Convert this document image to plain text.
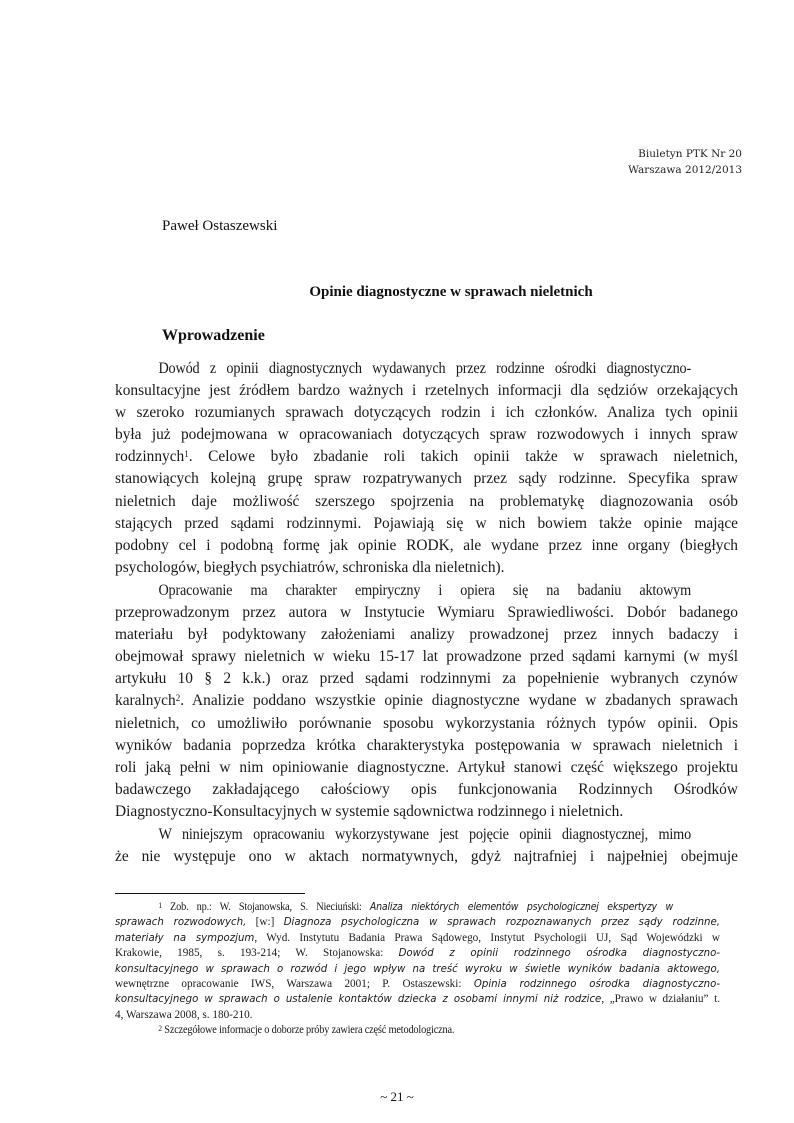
Biuletyn PTK Nr 20
Warszawa 2012/2013
Paweł Ostaszewski
Opinie diagnostyczne w sprawach nieletnich
Wprowadzenie

Dowód z opinii diagnostycznych wydawanych przez rodzinne ośrodki diagnostyczno-
konsultacyjne jest źródłem bardzo ważnych i rzetelnych informacji dla sędziów orzekających
w szeroko rozumianych sprawach dotyczących rodzin i ich członków. Analiza tych opinii
była już podejmowana w opracowaniach dotyczących spraw rozwodowych i innych spraw
rodzinnych$^1$. Celowe było zbadanie roli takich opinii także w sprawach nieletnich,
stanowiących kolejną grupę spraw rozpatrywanych przez sądy rodzinne. Specyfika spraw
nieletnich daje możliwość szerszego spojrzenia na problematykę diagnozowania osób
stających przed sądami rodzinnymi. Pojawiają się w nich bowiem także opinie mające
podobny cel i podobną formę jak opinie RODK, ale wydane przez inne organy (biegłych
psychologów, biegłych psychiatrów, schroniska dla nieletnich).

Opracowanie ma charakter empiryczny i opiera się na badaniu aktowym
przeprowadzonym przez autora w Instytucie Wymiaru Sprawiedliwości. Dobór badanego
materiału był podyktowany założeniami analizy prowadzonej przez innych badaczy i
obejmował sprawy nieletnich w wieku 15-17 lat prowadzone przed sądami karnymi (w myśl
artykułu 10 § 2 k.k.) oraz przed sądami rodzinnymi za popełnienie wybranych czynów
karalnych$^2$. Analizie poddano wszystkie opinie diagnostyczne wydane w zbadanych sprawach
nieletnich, co umożliwiło porównanie sposobu wykorzystania różnych typów opinii. Opis
wyników badania poprzedza krótka charakterystyka postępowania w sprawach nieletnich i
roli jaką pełni w nim opiniowanie diagnostyczne. Artykuł stanowi część większego projektu
badawczego zakładającego całościowy opis funkcjonowania Rodzinnych Ośrodków
Diagnostyczno-Konsultacyjnych w systemie sądownictwa rodzinnego i nieletnich.

W niniejszym opracowaniu wykorzystywane jest pojęcie opinii diagnostycznej, mimo
że nie występuje ono w aktach normatywnych, gdyż najtrafniej i najpełniej obejmuje

$^1$ Zob. np.: W. Stojanowska, S. Nieciuński: Analiza niektórych elementów psychologicznej ekspertyzy w
sprawach rozwodowych, [w:] Diagnoza psychologiczna w sprawach rozpoznawanych przez sądy rodzinne,
materiały na sympozjum, Wyd. Instytutu Badania Prawa Sądowego, Instytut Psychologii UJ, Sąd Wojewódzki w
Krakowie, 1985, s. 193-214; W. Stojanowska: Dowód z opinii rodzinnego ośrodka diagnostyczno-
konsultacyjnego w sprawach o rozwód i jego wpływ na treść wyroku w świetle wyników badania aktowego,
wewnętrzne opracowanie IWS, Warszawa 2001; P. Ostaszewski: Opinia rodzinnego ośrodka diagnostyczno-
konsultacyjnego w sprawach o ustalenie kontaktów dziecka z osobami innymi niż rodzice, „Prawo w działaniu” t.
4, Warszawa 2008, s. 180-210.

$^2$ Szczegółowe informacje o doborze próby zawiera część metodologiczna.

~ 21 ~
